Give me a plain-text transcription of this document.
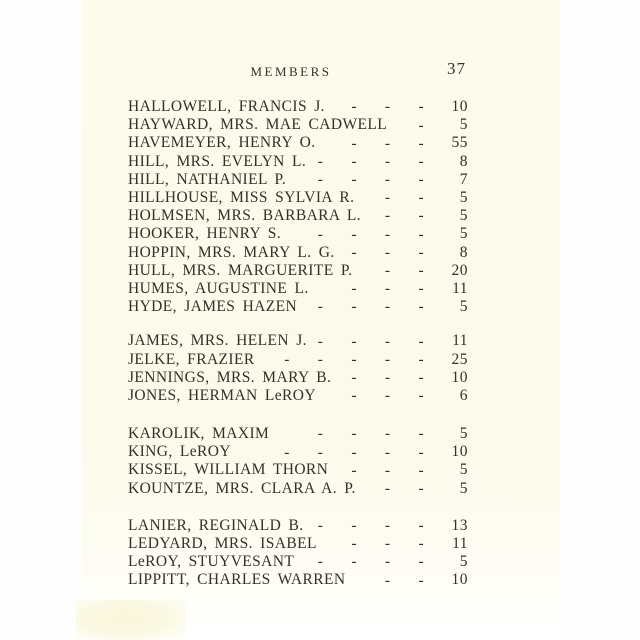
MEMBERS	37
HALLOWELL, FRANCIS J. - - -	10
HAYWARD, MRS. MAE CADWELL -	5
HAVEMEYER, HENRY O. - - -	55
HILL, MRS. EVELYN L. - - - -	8
HILL, NATHANIEL P. - - - -	7
HILLHOUSE, MISS SYLVIA R. - -	5
HOLMSEN, MRS. BARBARA L. - -	5
HOOKER, HENRY S. - - - -	5
HOPPIN, MRS. MARY L. G. - - -	8
HULL, MRS. MARGUERITE P. - -	20
HUMES, AUGUSTINE L.	- - -	11
HYDE, JAMES HAZEN - - - -	5
JAMES, MRS. HELEN J. - - - -	11
JELKE, FRAZIER - - - - -	25
JENNINGS, MRS. MARY B. - - -	10
JONES, HERMAN LeROY - - -	6
KAROLIK, MAXIM	- - - -	5
KING, LeROY	- - - - -	10
KISSEL, WILLIAM THORN - - -	5
KOUNTZE, MRS. CLARA A. P. - -	5
LANIER, REGINALD B. - - - -	13
LEDYARD, MRS. ISABEL - - -	11
LeROY, STUYVESANT - - - -	5
LIPPITT, CHARLES WARREN	- -	10
